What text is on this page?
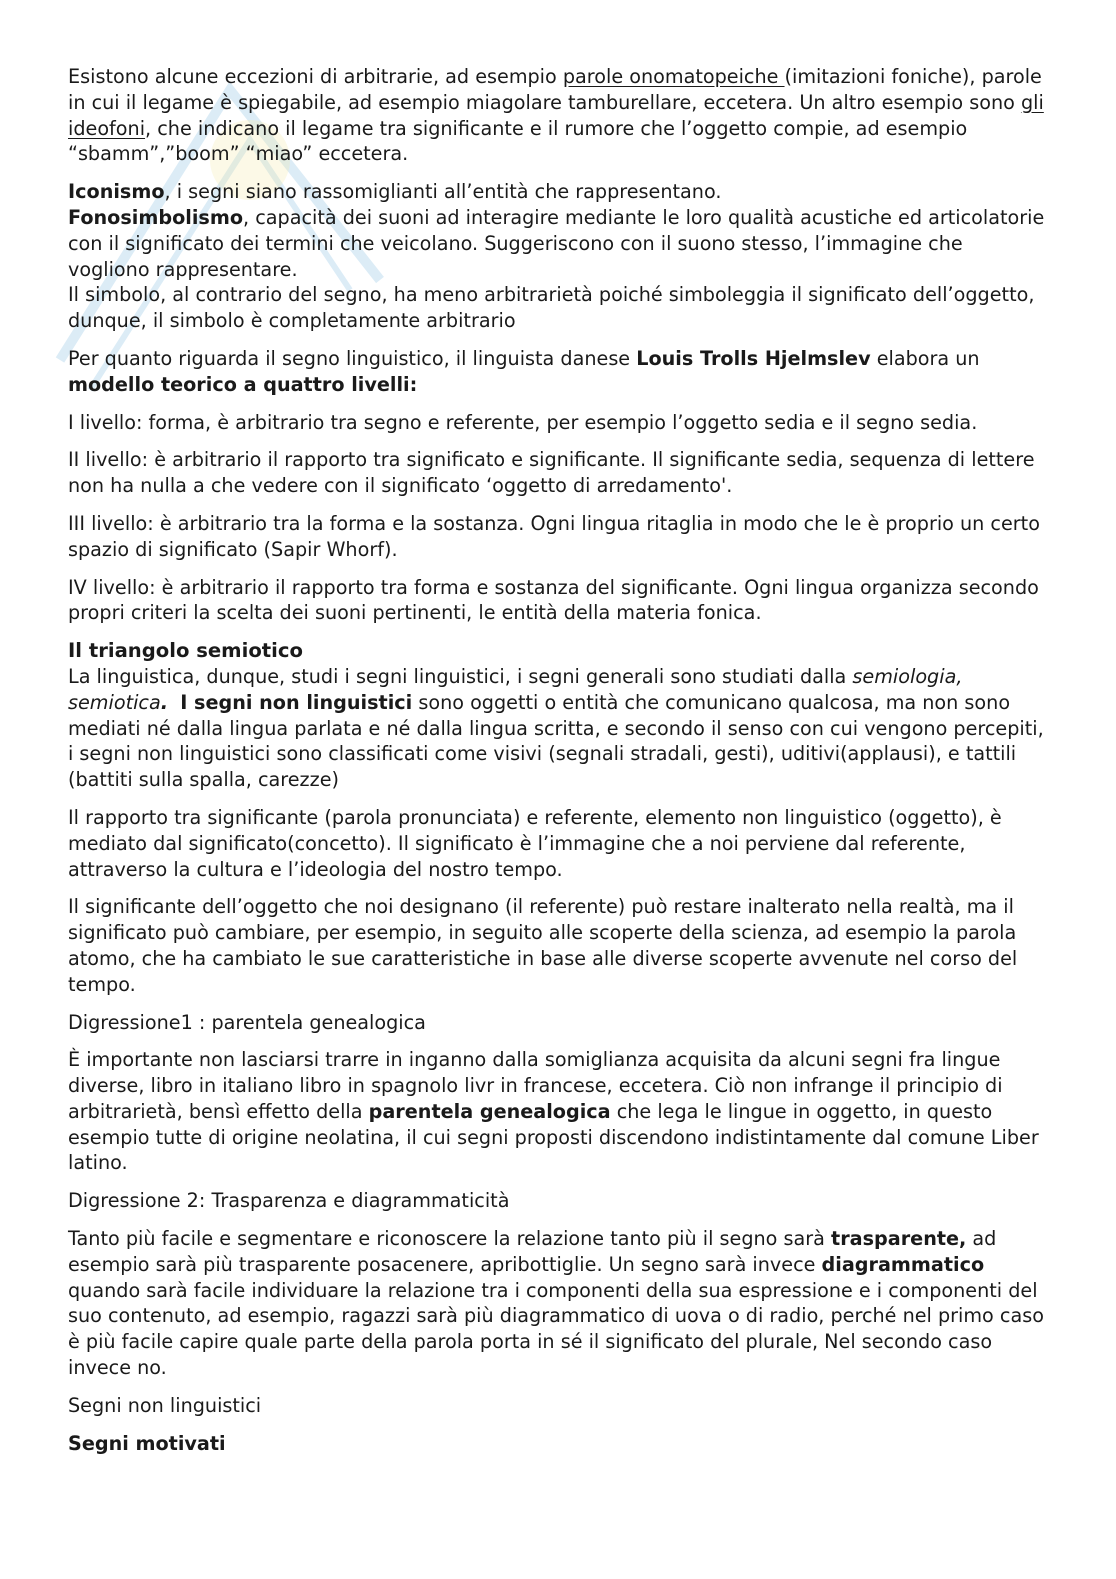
Esistono alcune eccezioni di arbitrarie, ad esempio parole onomatopeiche (imitazioni foniche), parole in cui il legame è spiegabile, ad esempio miagolare tamburellare, eccetera. Un altro esempio sono gli ideofoni, che indicano il legame tra significante e il rumore che l’oggetto compie, ad esempio “sbamm”,”boom” “miao” eccetera.

Iconismo, i segni siano rassomiglianti all’entità che rappresentano.

Fonosimbolismo, capacità dei suoni ad interagire mediante le loro qualità acustiche ed articolatorie con il significato dei termini che veicolano. Suggeriscono con il suono stesso, l’immagine che vogliono rappresentare.

Il simbolo, al contrario del segno, ha meno arbitrarietà poiché simboleggia il significato dell’oggetto, dunque, il simbolo è completamente arbitrario

Per quanto riguarda il segno linguistico, il linguista danese Louis Trolls Hjelmslev elabora un modello teorico a quattro livelli:

I livello: forma, è arbitrario tra segno e referente, per esempio l’oggetto sedia e il segno sedia.

II livello: è arbitrario il rapporto tra significato e significante. Il significante sedia, sequenza di lettere non ha nulla a che vedere con il significato ‘oggetto di arredamento'.

III livello: è arbitrario tra la forma e la sostanza. Ogni lingua ritaglia in modo che le è proprio un certo spazio di significato (Sapir Whorf).

IV livello: è arbitrario il rapporto tra forma e sostanza del significante. Ogni lingua organizza secondo propri criteri la scelta dei suoni pertinenti, le entità della materia fonica.

Il triangolo semiotico

La linguistica, dunque, studi i segni linguistici, i segni generali sono studiati dalla semiologia, semiotica. I segni non linguistici sono oggetti o entità che comunicano qualcosa, ma non sono mediati né dalla lingua parlata e né dalla lingua scritta, e secondo il senso con cui vengono percepiti, i segni non linguistici sono classificati come visivi (segnali stradali, gesti), uditivi(applausi), e tattili (battiti sulla spalla, carezze)

Il rapporto tra significante (parola pronunciata) e referente, elemento non linguistico (oggetto), è mediato dal significato(concetto). Il significato è l’immagine che a noi perviene dal referente, attraverso la cultura e l’ideologia del nostro tempo.

Il significante dell’oggetto che noi designano (il referente) può restare inalterato nella realtà, ma il significato può cambiare, per esempio, in seguito alle scoperte della scienza, ad esempio la parola atomo, che ha cambiato le sue caratteristiche in base alle diverse scoperte avvenute nel corso del tempo.

Digressione1 : parentela genealogica

È importante non lasciarsi trarre in inganno dalla somiglianza acquisita da alcuni segni fra lingue diverse, libro in italiano libro in spagnolo livr in francese, eccetera. Ciò non infrange il principio di arbitrarietà, bensì effetto della parentela genealogica che lega le lingue in oggetto, in questo esempio tutte di origine neolatina, il cui segni proposti discendono indistintamente dal comune Liber latino.

Digressione 2: Trasparenza e diagrammaticità

Tanto più facile e segmentare e riconoscere la relazione tanto più il segno sarà trasparente, ad esempio sarà più trasparente posacenere, apribottiglie. Un segno sarà invece diagrammatico quando sarà facile individuare la relazione tra i componenti della sua espressione e i componenti del suo contenuto, ad esempio, ragazzi sarà più diagrammatico di uova o di radio, perché nel primo caso è più facile capire quale parte della parola porta in sé il significato del plurale, Nel secondo caso invece no.

Segni non linguistici

Segni motivati
